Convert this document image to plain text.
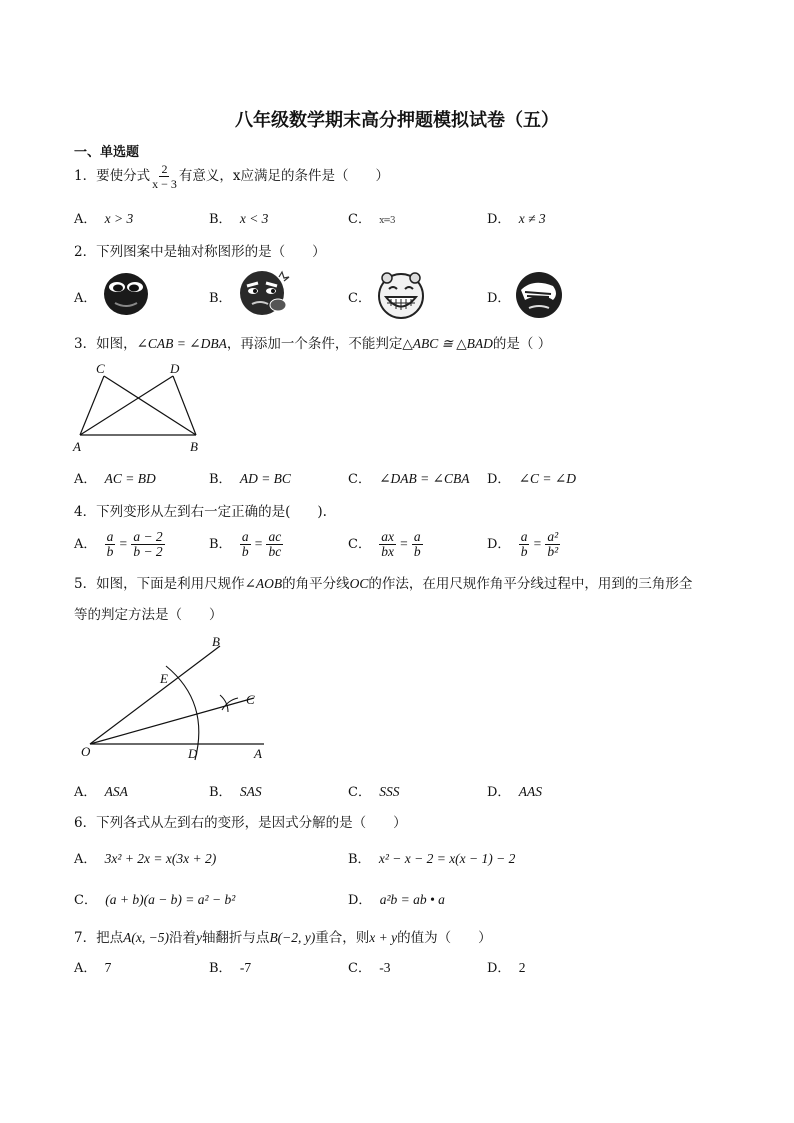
八年级数学期末高分押题模拟试卷（五）
一、单选题
1．要使分式 $\frac{2}{x - 3}$ 有意义，x应满足的条件是（　　）
A． x > 3	B． x < 3	C． x=3	D． x ≠ 3
2．下列图案中是轴对称图形的是（　　）
A．	B．	C．	D．
3．如图，∠CAB = ∠DBA，再添加一个条件，不能判定△ABC ≅ △BAD的是（ ）
C	D
A	B
A． AC = BD	B． AD = BC	C． ∠DAB = ∠CBA D． ∠C = ∠D
4．下列变形从左到右一定正确的是(　　).
A． $\frac{a}{b} = \frac{a - 2}{b - 2}$	B． $\frac{a}{b} = \frac{ac}{bc}$	C． $\frac{ax}{bx} = \frac{a}{b}$	D． $\frac{a}{b} = \frac{\text{a²}}{\text{b²}}$
5．如图，下面是利用尺规作∠AOB的角平分线OC的作法，在用尺规作角平分线过程中，用到的三角形全
等的判定方法是（　　）
B
E
C
O	D	A
A． ASA	B． SAS	C． SSS	D． AAS
6．下列各式从左到右的变形，是因式分解的是（　　）
A． 3x² + 2x = x(3x + 2)	B． x² − x − 2 = x(x − 1) − 2
C． (a + b)(a − b) = a² − b²	D． a²b = ab • a
7．把点A(x, −5)沿着y轴翻折与点B(−2, y)重合，则x + y的值为（　　）
A． 7	B． -7	C． -3	D． 2
